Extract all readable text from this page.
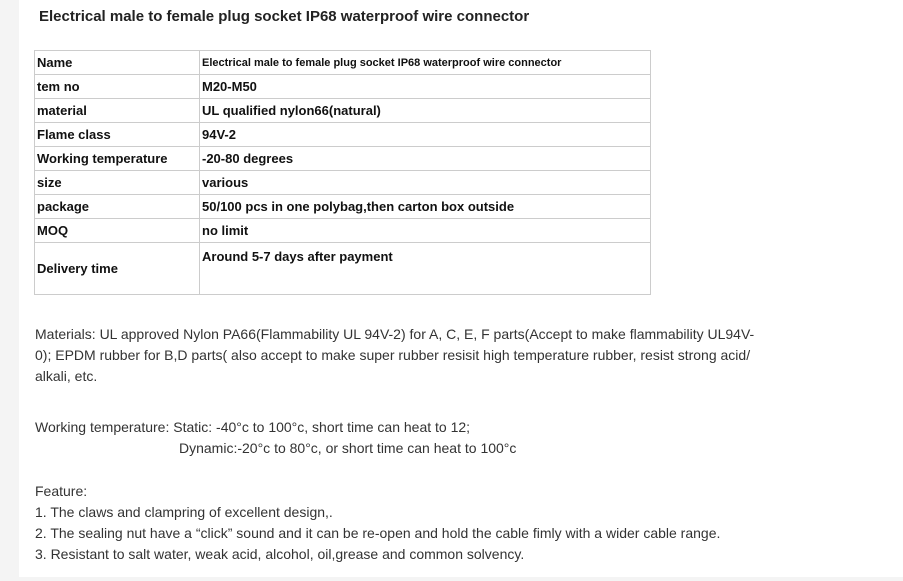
Electrical male to female plug socket IP68 waterproof wire connector
Name	Electrical male to female plug socket IP68 waterproof wire connector
tem no	M20-M50
material	UL qualified nylon66(natural)
Flame class	94V-2
Working temperature	-20-80 degrees
size	various
package	50/100 pcs in one polybag,then carton box outside
MOQ	no limit
Delivery time	Around 5-7 days after payment

Materials: UL approved Nylon PA66(Flammability UL 94V-2) for A, C, E, F parts(Accept to make flammability UL94V-

0); EPDM rubber for B,D parts( also accept to make super rubber resisit high temperature rubber, resist strong acid/

alkali, etc.

Working temperature: Static: -40°c to 100°c, short time can heat to 12;

Dynamic:-20°c to 80°c, or short time can heat to 100°c

Feature:

1. The claws and clampring of excellent design,.

2. The sealing nut have a “click” sound and it can be re-open and hold the cable fimly with a wider cable range.

3. Resistant to salt water, weak acid, alcohol, oil,grease and common solvency.
